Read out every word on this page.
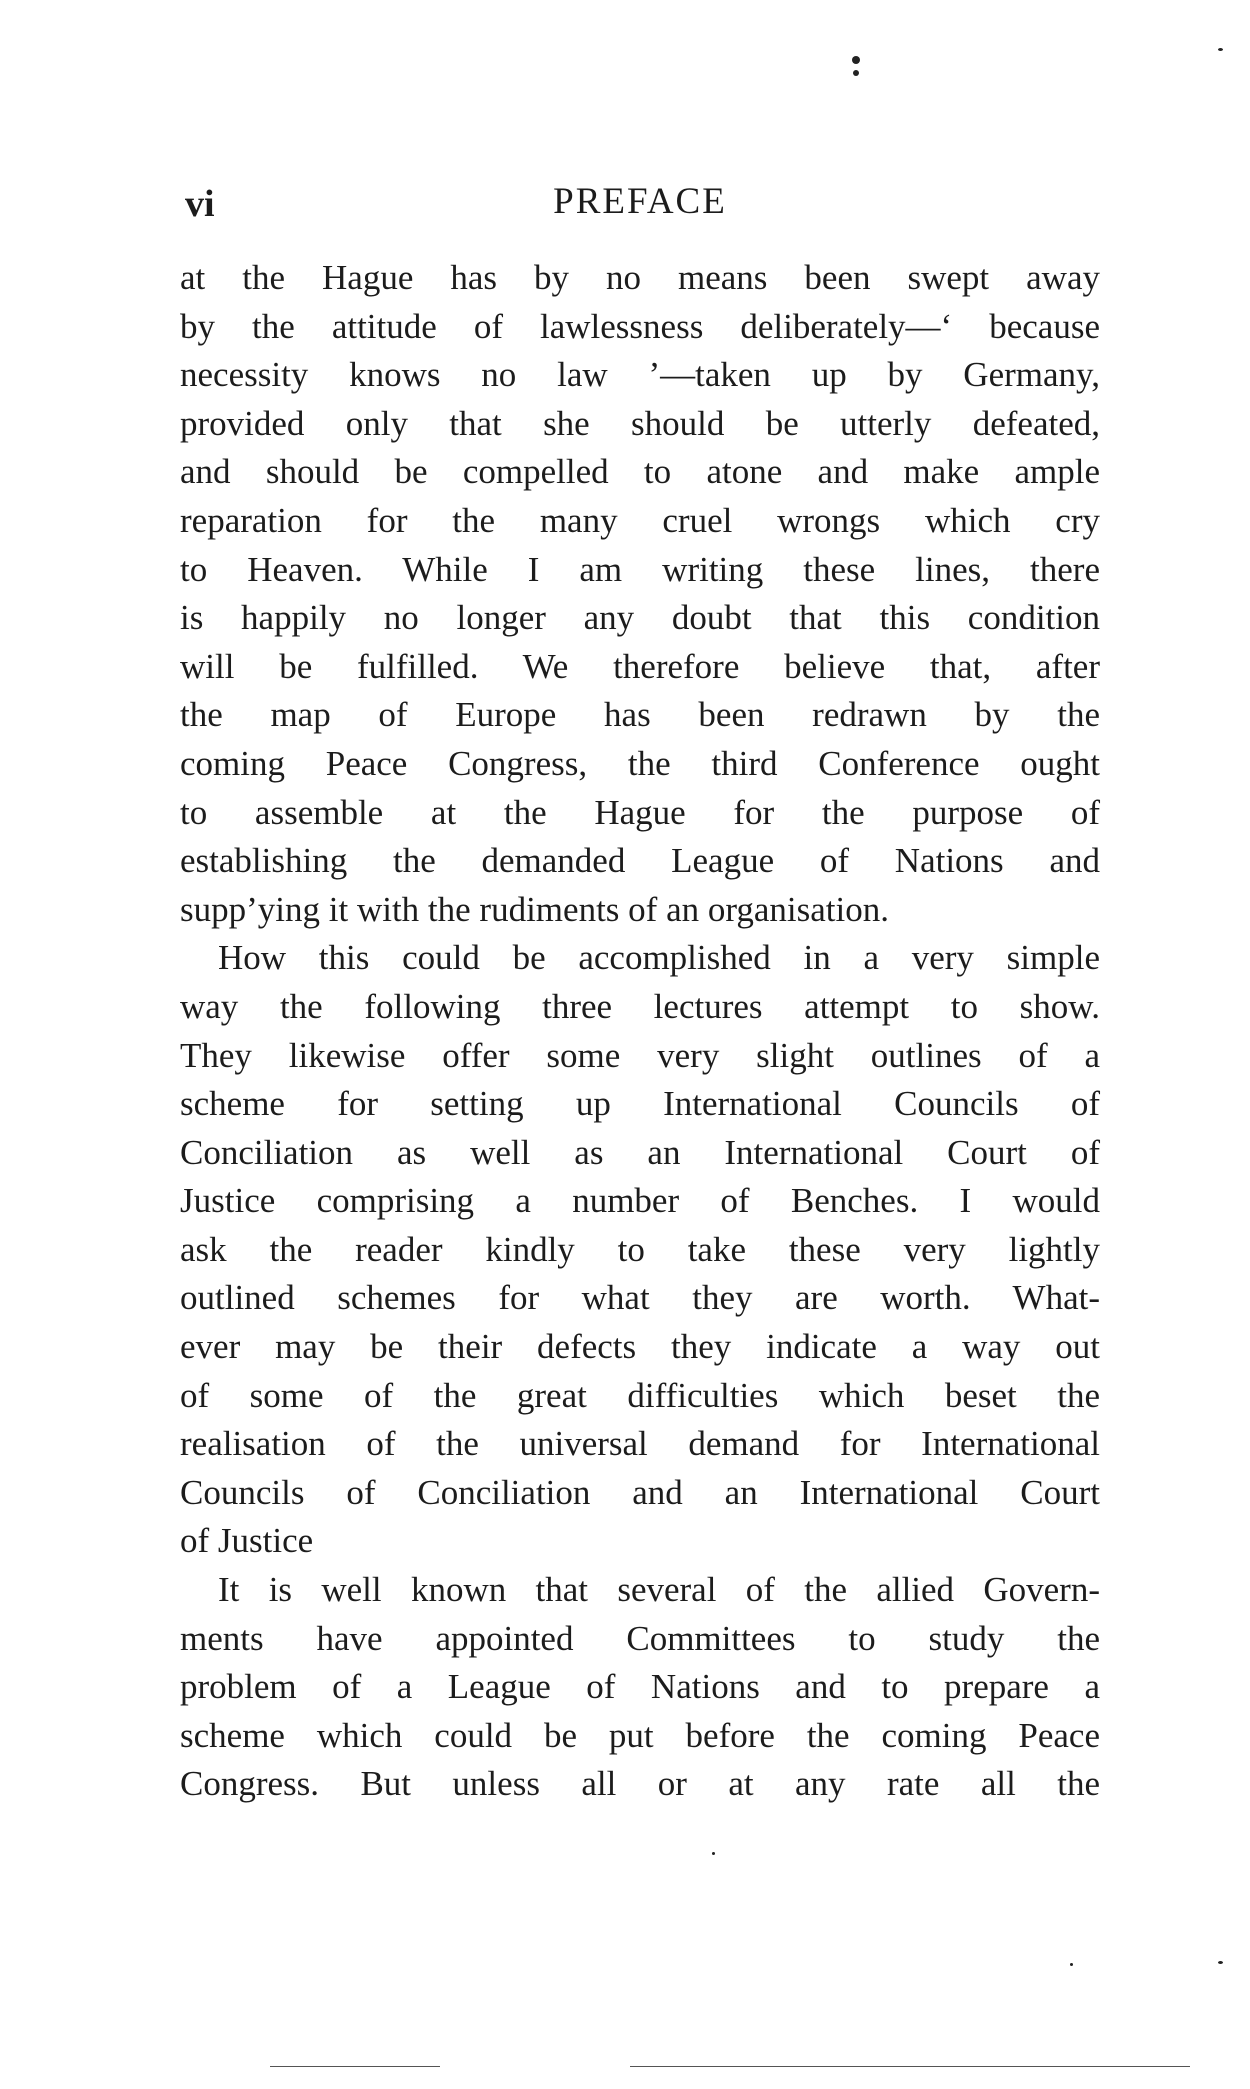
vi	PREFACE
at the Hague has by no means been swept away
by the attitude of lawlessness deliberately—‘ because
necessity knows no law ’—taken up by Germany,
provided only that she should be utterly defeated,
and should be compelled to atone and make ample
reparation for the many cruel wrongs which cry
to Heaven. While I am writing these lines, there
is happily no longer any doubt that this condition
will be fulfilled. We therefore believe that, after
the map of Europe has been redrawn by the
coming Peace Congress, the third Conference ought
to assemble at the Hague for the purpose of
establishing the demanded League of Nations and
supp’ying it with the rudiments of an organisation.
How this could be accomplished in a very simple
way the following three lectures attempt to show.
They likewise offer some very slight outlines of a
scheme for setting up International Councils of
Conciliation as well as an International Court of
Justice comprising a number of Benches. I would
ask the reader kindly to take these very lightly
outlined schemes for what they are worth. What-
ever may be their defects they indicate a way out
of some of the great difficulties which beset the
realisation of the universal demand for International
Councils of Conciliation and an International Court
of Justice
It is well known that several of the allied Govern-
ments have appointed Committees to study the
problem of a League of Nations and to prepare a
scheme which could be put before the coming Peace
Congress. But unless all or at any rate all the
